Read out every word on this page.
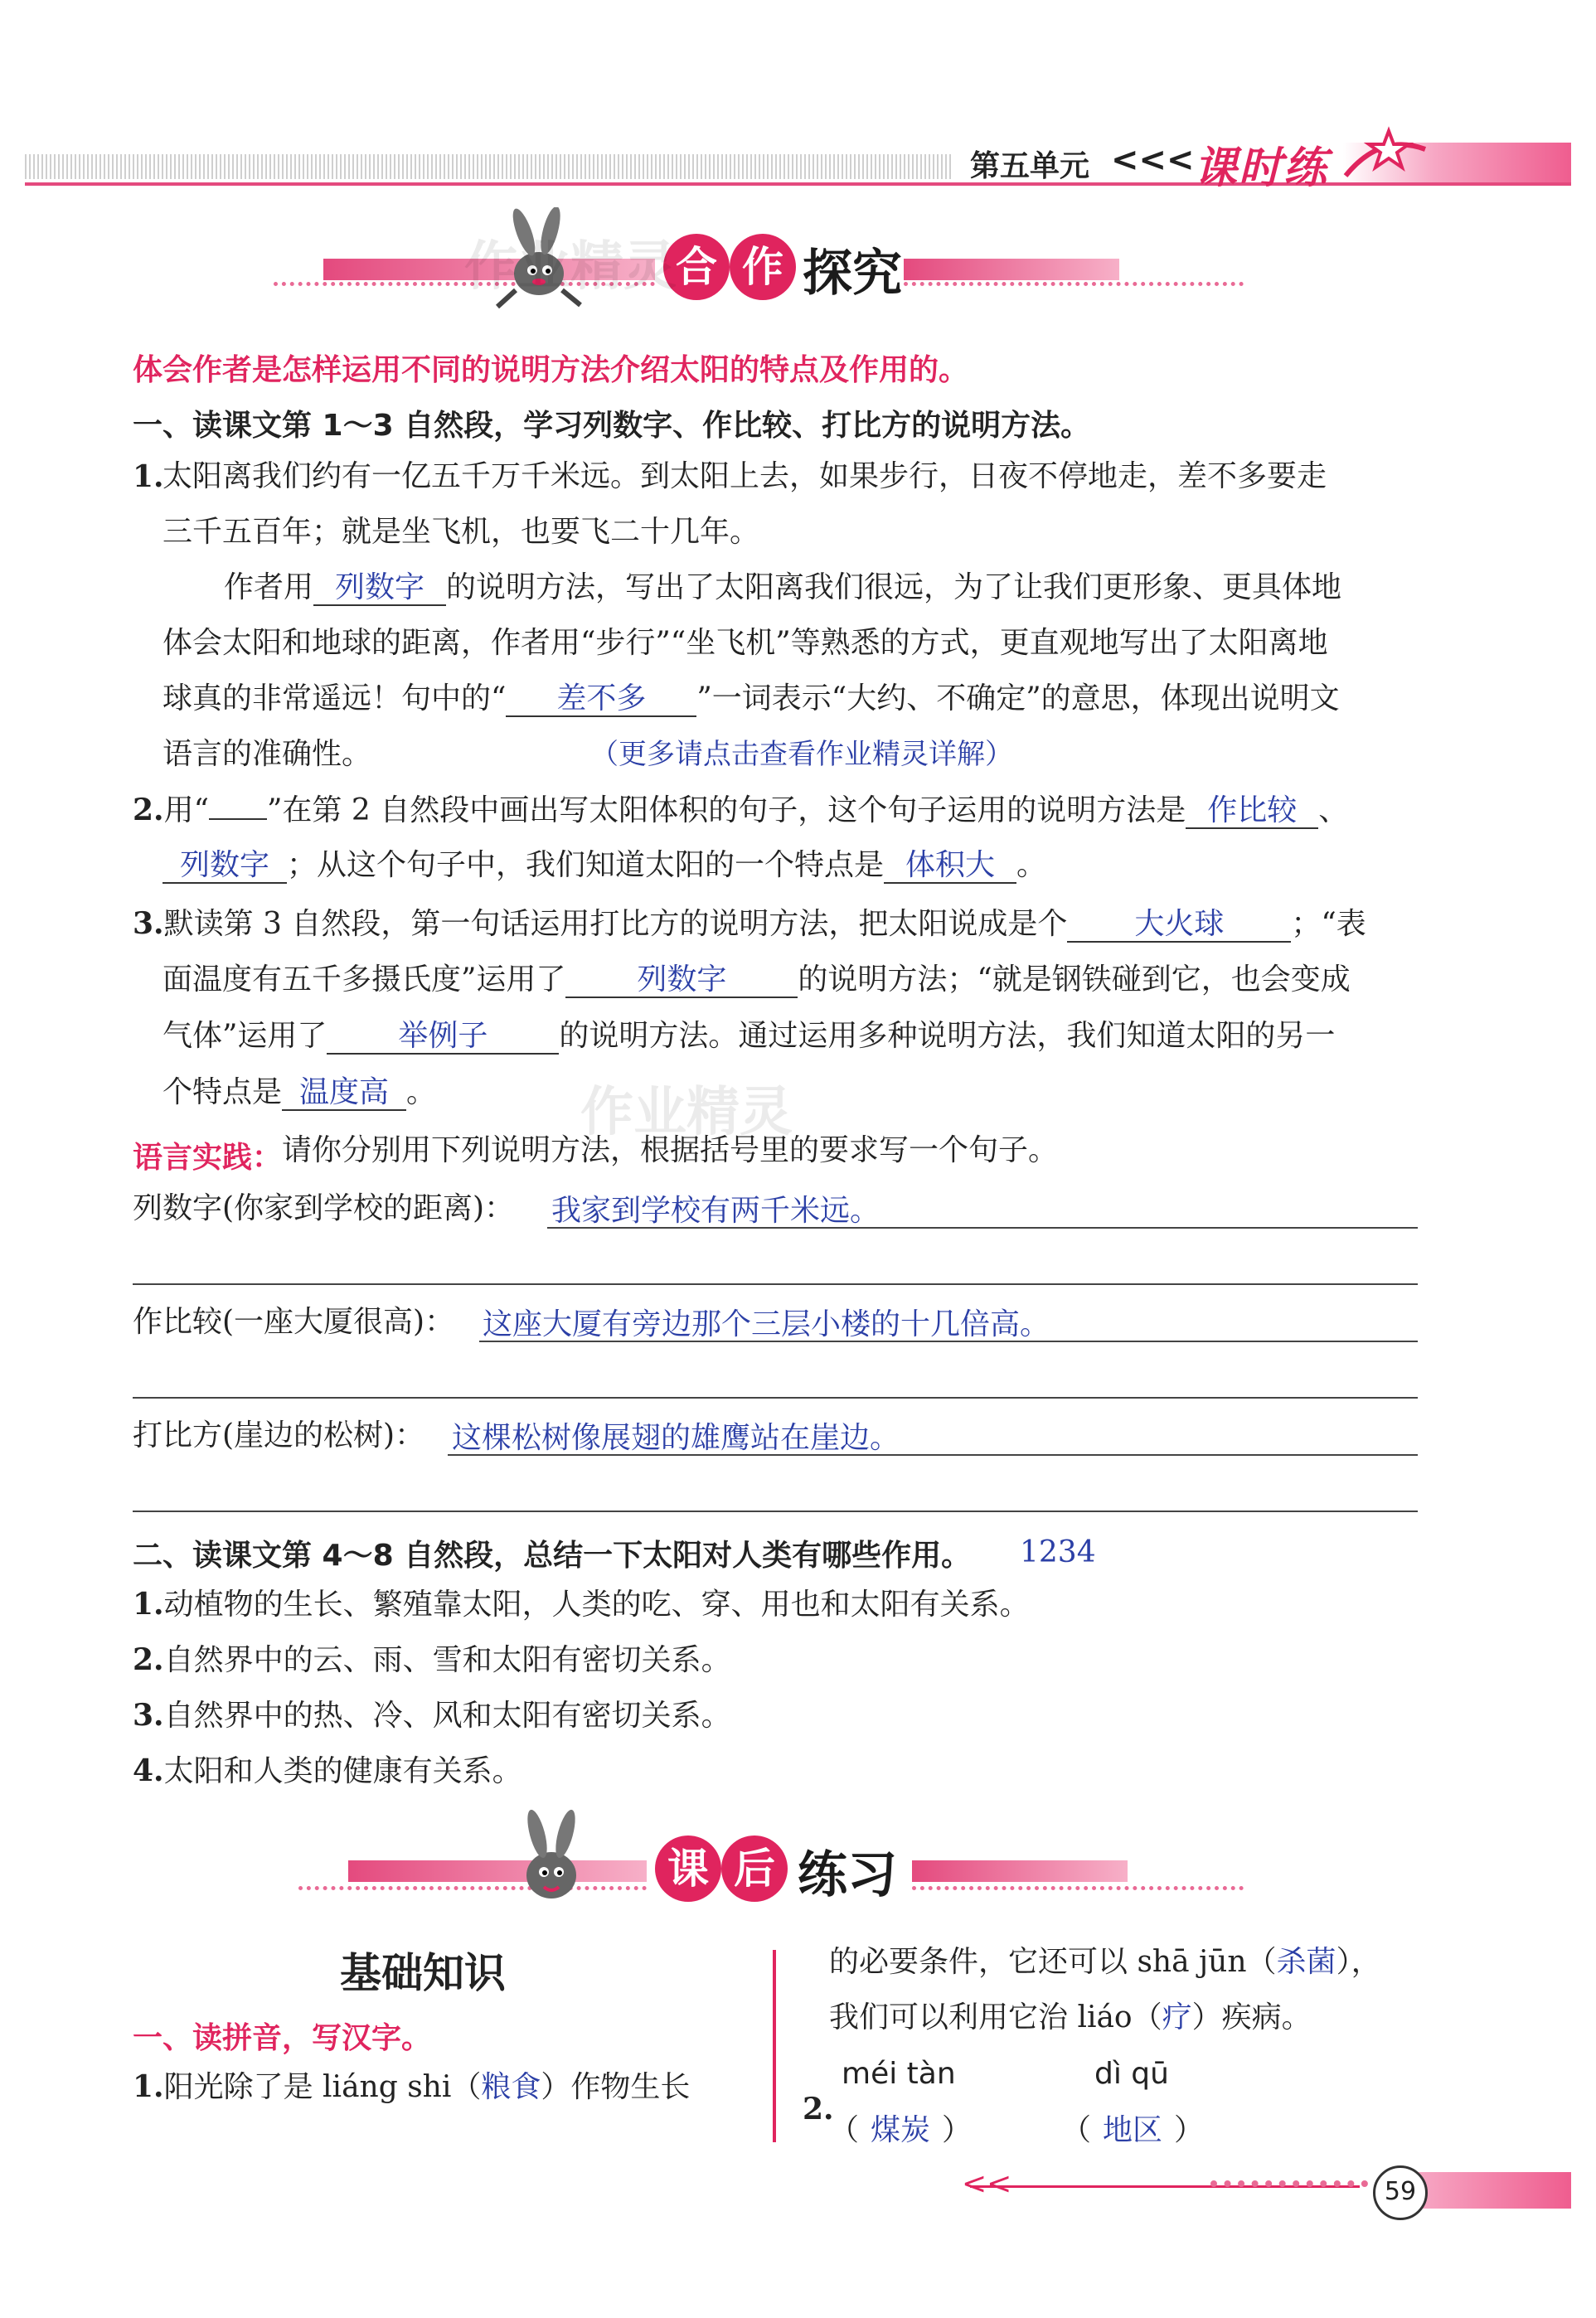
第五单元 <<< 课时练
合 作 探究
作业精灵
作业精灵
体会作者是怎样运用不同的说明方法介绍太阳的特点及作用的。
一、读课文第 1～3 自然段，学习列数字、作比较、打比方的说明方法。
1.
太阳离我们约有一亿五千万千米远。到太阳上去，如果步行，日夜不停地走，差不多要走
三千五百年；就是坐飞机，也要飞二十几年。
作者用 列数字 的说明方法，写出了太阳离我们很远，为了让我们更形象、更具体地
体会太阳和地球的距离，作者用“步行”“坐飞机”等熟悉的方式，更直观地写出了太阳离地
球真的非常遥远！句中的“ 差不多 ”一词表示“大约、不确定”的意思，体现出说明文
语言的准确性。	（更多请点击查看作业精灵详解）
2.用“ ”在第 2 自然段中画出写太阳体积的句子，这个句子运用的说明方法是 作比较 、
列数字 ；从这个句子中，我们知道太阳的一个特点是 体积大 。
3.默读第 3 自然段，第一句话运用打比方的说明方法，把太阳说成是个 大火球 ；“表
面温度有五千多摄氏度”运用了 列数字 的说明方法；“就是钢铁碰到它，也会变成
气体”运用了 举例子 的说明方法。通过运用多种说明方法，我们知道太阳的另一
个特点是 温度高 。
语言实践： 请你分别用下列说明方法，根据括号里的要求写一个句子。
列数字(你家到学校的距离)： 我家到学校有两千米远。
作比较(一座大厦很高)： 这座大厦有旁边那个三层小楼的十几倍高。
打比方(崖边的松树)： 这棵松树像展翅的雄鹰站在崖边。
二、读课文第 4～8 自然段，总结一下太阳对人类有哪些作用。 1234
1.动植物的生长、繁殖靠太阳，人类的吃、穿、用也和太阳有关系。
2.自然界中的云、雨、雪和太阳有密切关系。
3.自然界中的热、冷、风和太阳有密切关系。
4.太阳和人类的健康有关系。
课 后 练习
基础知识
一、读拼音，写汉字。
1.阳光除了是 liáng shi（粮食）作物生长
的必要条件，它还可以 shā jūn（杀菌），
我们可以利用它治 liáo（疗）疾病。
2.
méi tàn
（ 煤炭 ）
dì qū
（ 地区 ）
<<	59
